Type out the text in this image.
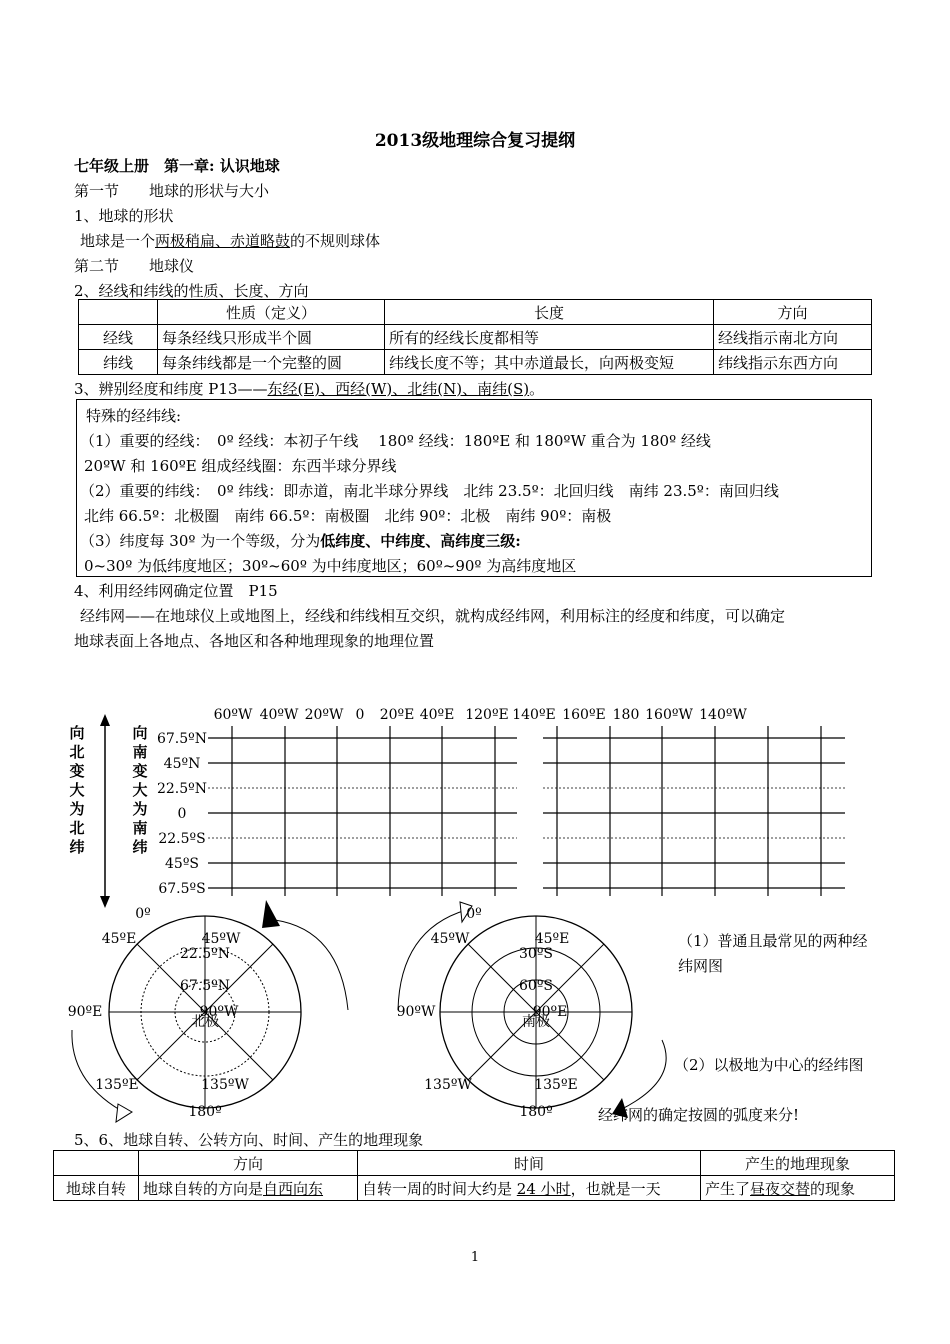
2013级地理综合复习提纲
七年级上册　第一章: 认识地球
第一节　　地球的形状与大小
1、地球的形状
地球是一个两极稍扁、赤道略鼓的不规则球体
第二节　　地球仪
2、经线和纬线的性质、长度、方向
	性质（定义）	长度	方向
经线	每条经线只形成半个圆	所有的经线长度都相等	经线指示南北方向
纬线	每条纬线都是一个完整的圆	纬线长度不等；其中赤道最长，向两极变短	纬线指示东西方向
3、辨别经度和纬度 P13——东经(E)、西经(W)、北纬(N)、南纬(S)。
特殊的经纬线:
（1）重要的经线：　0º 经线：本初子午线　 180º 经线：180ºE 和 180ºW 重合为 180º 经线
20ºW 和 160ºE 组成经线圈：东西半球分界线
（2）重要的纬线：　0º 纬线：即赤道，南北半球分界线　北纬 23.5º：北回归线　南纬 23.5º：南回归线
北纬 66.5º：北极圈　南纬 66.5º：南极圈　北纬 90º：北极　南纬 90º：南极
（3）纬度每 30º 为一个等级，分为低纬度、中纬度、高纬度三级:
0~30º 为低纬度地区；30º~60º 为中纬度地区；60º~90º 为高纬度地区
4、利用经纬网确定位置　P15
经纬网——在地球仪上或地图上，经线和纬线相互交织，就构成经纬网，利用标注的经度和纬度，可以确定
地球表面上各地点、各地区和各种地理现象的地理位置
向
北
变
大
为
北
纬
向
南
变
大
为
南
纬
60ºW 40ºW 20ºW 0 20ºE 40ºE 120ºE 140ºE 160ºE 180 160ºW 140ºW
67.5ºN
45ºN
22.5ºN
0
22.5ºS
45ºS
67.5ºS
0º
45ºE	45ºW
22.5ºN
67.5ºN
90ºW
北极
90ºE
135ºE	135ºW
180º
0º
45ºW	45ºE
30ºS
60ºS
90ºE
南极
90ºW
135ºW	135ºE
180º
（1）普通且最常见的两种经
纬网图
（2）以极地为中心的经纬图
经纬网的确定按圆的弧度来分!
5、6、地球自转、公转方向、时间、产生的地理现象
	方向	时间	产生的地理现象
地球自转	地球自转的方向是自西向东	自转一周的时间大约是 24 小时，也就是一天	产生了昼夜交替的现象
1
